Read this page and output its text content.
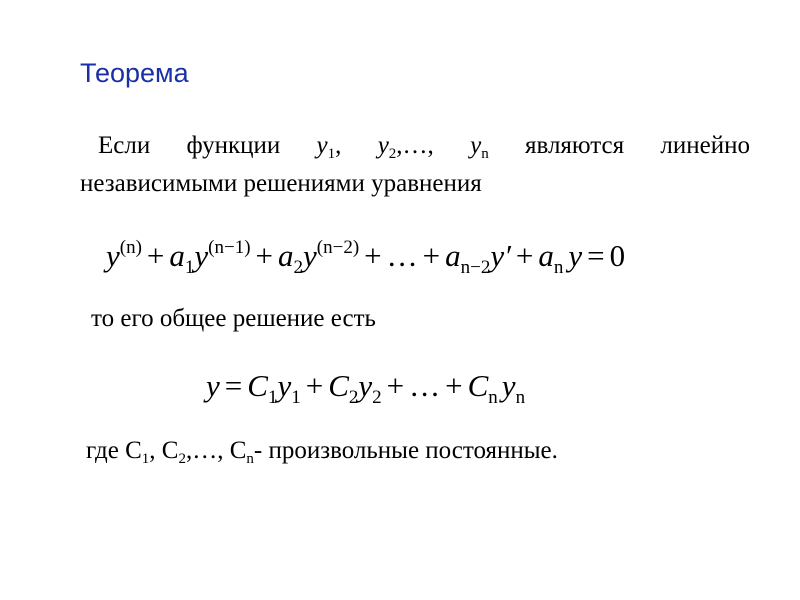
Теорема
Если функции $y_1$, $y_2,\dots$, $y_n$ являются линейно
независимыми решениями уравнения
$y^{(n)} + a_1y^{(n-1)} + a_2y^{(n-2)}$ + … + $a_{n-2}y' + a_n$ y = 0
то его общее решение есть
$y = C_1y_1 + C_2y_2$ + … + $C_n$ $y_n$
где $C_1$, $C_2,\dots$, $C_n-$ произвольные постоянные.
